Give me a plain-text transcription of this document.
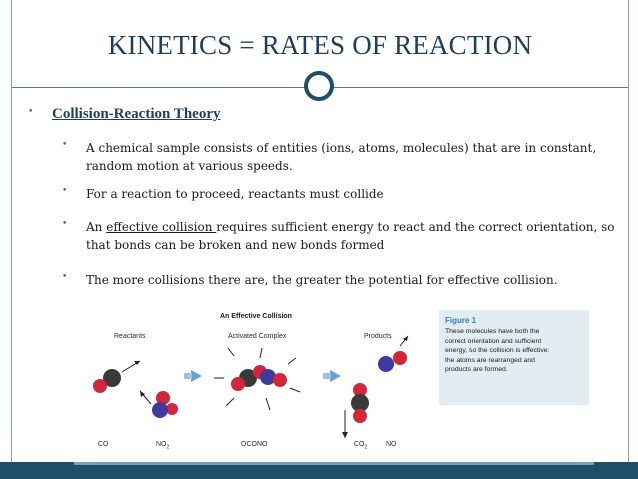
KINETICS = RATES OF REACTION
• Collision-Reaction Theory
• A chemical sample consists of entities (ions, atoms, molecules) that are in constant, random motion at various speeds.
• For a reaction to proceed, reactants must collide
• An effective collision requires sufficient energy to react and the correct orientation, so that bonds can be broken and new bonds formed
• The more collisions there are, the greater the potential for effective collision.
An Effective Collision
Reactants	Activated Complex	Products
CO	$NO_2$	OCONO	$CO_2$	NO
Figure 1
These molecules have both the
correct orientation and sufficient
energy, so the collision is effective:
the atoms are rearranged and
products are formed.
